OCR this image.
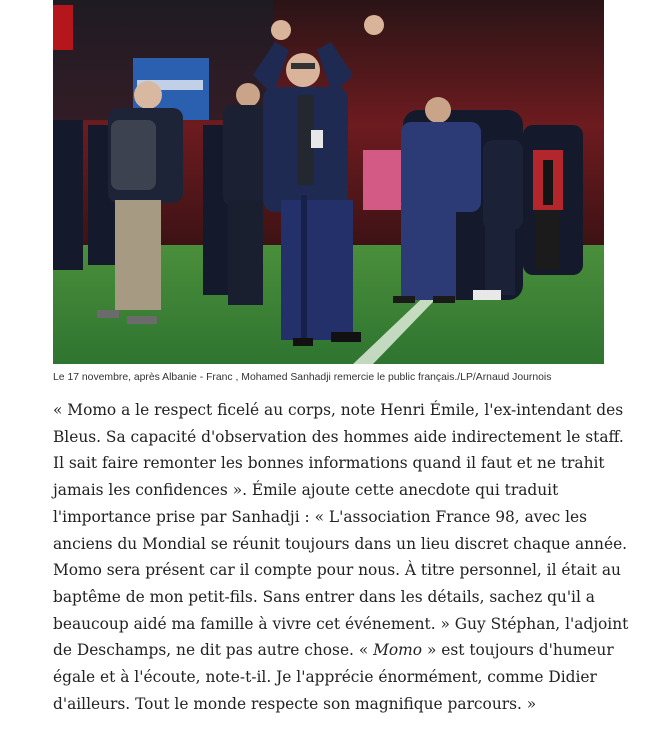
Le 17 novembre, après Albanie - Franc , Mohamed Sanhadji remercie le public français./LP/Arnaud Journois

« Momo a le respect ficelé au corps, note Henri Émile, l'ex-intendant des
Bleus. Sa capacité d'observation des hommes aide indirectement le staff.
Il sait faire remonter les bonnes informations quand il faut et ne trahit
jamais les confidences ». Émile ajoute cette anecdote qui traduit
l'importance prise par Sanhadji : « L'association France 98, avec les
anciens du Mondial se réunit toujours dans un lieu discret chaque année.
Momo sera présent car il compte pour nous. À titre personnel, il était au
baptême de mon petit-fils. Sans entrer dans les détails, sachez qu'il a
beaucoup aidé ma famille à vivre cet événement. » Guy Stéphan, l'adjoint
de Deschamps, ne dit pas autre chose. « Momo » est toujours d'humeur
égale et à l'écoute, note-t-il. Je l'apprécie énormément, comme Didier
d'ailleurs. Tout le monde respecte son magnifique parcours. »
